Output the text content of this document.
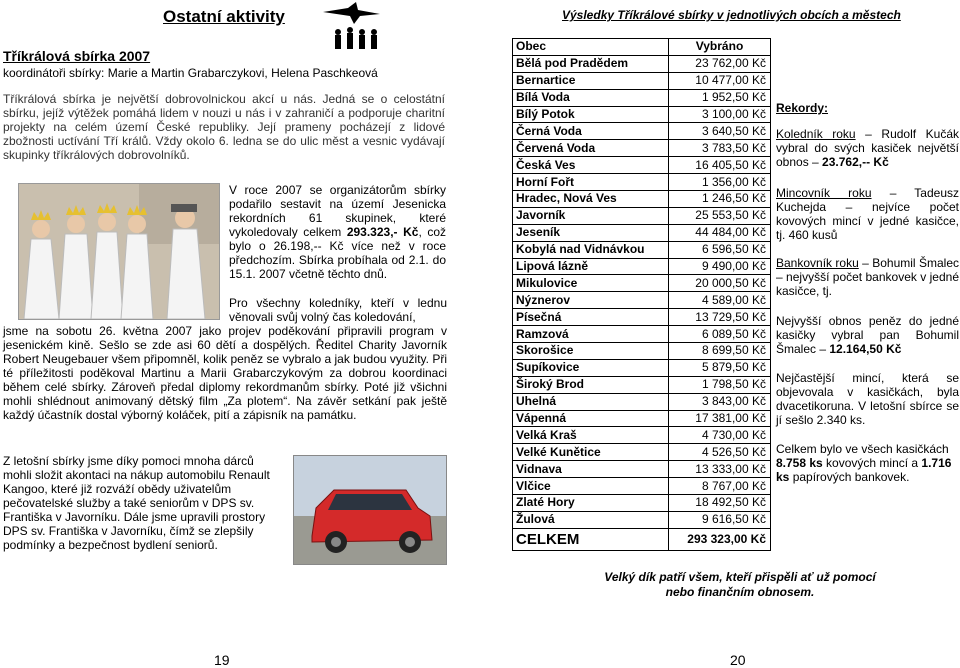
Ostatní aktivity
Tříkrálová sbírka 2007
koordinátoři sbírky: Marie a Martin Grabarczykovi, Helena Paschkeová
Tříkrálová sbírka je největší dobrovolnickou akcí u nás. Jedná se o celostátní sbírku, jejíž výtěžek pomáhá lidem v nouzi u nás i v zahraničí a podporuje charitní projekty na celém území České republiky. Její prameny pocházejí z lidové zbožnosti uctívání Tří králů. Vždy okolo 6. ledna se do ulic měst a vesnic vydávají skupinky tříkrálových dobrovolníků.
V roce 2007 se organizátorům sbírky podařilo sestavit na území Jesenicka rekordních 61 skupinek, které vykoledovaly celkem 293.323,- Kč, což bylo o 26.198,-- Kč více než v roce předchozím. Sbírka probíhala od 2.1. do 15.1. 2007 včetně těchto dnů.
Pro všechny koledníky, kteří v lednu věnovali svůj volný čas koledování,
jsme na sobotu 26. května 2007 jako projev poděkování připravili program v jesenickém kině. Sešlo se zde asi 60 dětí a dospělých. Ředitel Charity Javorník Robert Neugebauer všem připomněl, kolik peněz se vybralo a jak budou využity. Při té příležitosti poděkoval Martinu a Marii Grabarczykovým za dobrou koordinaci během celé sbírky. Zároveň předal diplomy rekordmanům sbírky. Poté již všichni mohli shlédnout animovaný dětský film „Za plotem“. Na závěr setkání pak ještě každý účastník dostal výborný koláček, pití a zápisník na památku.
Z letošní sbírky jsme díky pomoci mnoha dárců mohli složit akontaci na nákup automobilu Renault Kangoo, které již rozváží obědy uživatelům pečovatelské služby a také seniorům v DPS sv. Františka v Javorníku. Dále jsme upravili prostory DPS sv. Františka v Javorníku, čímž se zlepšily podmínky a bezpečnost bydlení seniorů.
19
Výsledky Tříkrálové sbírky v jednotlivých obcích a městech
Obec	Vybráno
Bělá pod Pradědem	23 762,00 Kč
Bernartice	10 477,00 Kč
Bílá Voda	1 952,50 Kč
Bílý Potok	3 100,00 Kč
Černá Voda	3 640,50 Kč
Červená Voda	3 783,50 Kč
Česká Ves	16 405,50 Kč
Horní Fořt	1 356,00 Kč
Hradec, Nová Ves	1 246,50 Kč
Javorník	25 553,50 Kč
Jeseník	44 484,00 Kč
Kobylá nad Vidnávkou	6 596,50 Kč
Lipová lázně	9 490,00 Kč
Mikulovice	20 000,50 Kč
Nýznerov	4 589,00 Kč
Písečná	13 729,50 Kč
Ramzová	6 089,50 Kč
Skorošice	8 699,50 Kč
Supíkovice	5 879,50 Kč
Široký Brod	1 798,50 Kč
Uhelná	3 843,00 Kč
Vápenná	17 381,00 Kč
Velká Kraš	4 730,00 Kč
Velké Kunětice	4 526,50 Kč
Vidnava	13 333,00 Kč
Vlčice	8 767,00 Kč
Zlaté Hory	18 492,50 Kč
Žulová	9 616,50 Kč
CELKEM	293 323,00 Kč
Rekordy:
Koledník roku – Rudolf Kučák vybral do svých kasiček největší obnos – 23.762,-- Kč
Mincovník roku – Tadeusz Kuchejda – nejvíce počet kovových mincí v jedné kasičce, tj. 460 kusů
Bankovník roku – Bohumil Šmalec – nejvyšší počet bankovek v jedné kasičce, tj.
Nejvyšší obnos peněz do jedné kasičky vybral pan Bohumil Šmalec – 12.164,50 Kč
Nejčastější mincí, která se objevovala v kasičkách, byla dvacetikoruna. V letošní sbírce se jí sešlo 2.340 ks.
Celkem bylo ve všech kasičkách 8.758 ks kovových mincí a 1.716 ks papírových bankovek.
Velký dík patří všem, kteří přispěli ať už pomocí nebo finančním obnosem.
20
